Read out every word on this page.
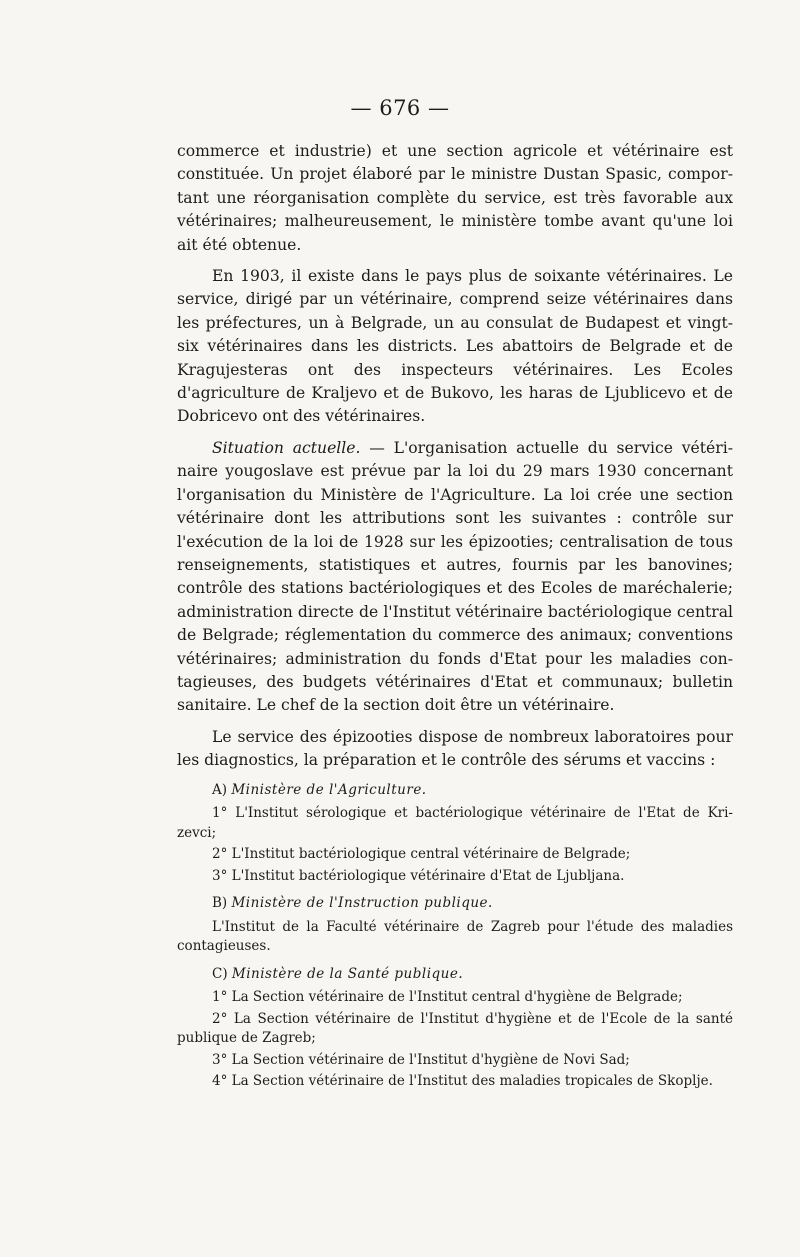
— 676 —

commerce et industrie) et une section agricole et vétérinaire est constituée. Un projet élaboré par le ministre Dustan Spasic, compor-tant une réorganisation complète du service, est très favorable aux vétérinaires; malheureusement, le ministère tombe avant qu'une loi ait été obtenue.

En 1903, il existe dans le pays plus de soixante vétérinaires. Le service, dirigé par un vétérinaire, comprend seize vétérinaires dans les préfectures, un à Belgrade, un au consulat de Budapest et vingt-six vétérinaires dans les districts. Les abattoirs de Belgrade et de Kragujesteras ont des inspecteurs vétérinaires. Les Ecoles d'agriculture de Kraljevo et de Bukovo, les haras de Ljublicevo et de Dobricevo ont des vétérinaires.

Situation actuelle. — L'organisation actuelle du service vétéri-naire yougoslave est prévue par la loi du 29 mars 1930 concernant l'organisation du Ministère de l'Agriculture. La loi crée une section vétérinaire dont les attributions sont les suivantes : contrôle sur l'exécution de la loi de 1928 sur les épizooties; centralisation de tous renseignements, statistiques et autres, fournis par les banovines; contrôle des stations bactériologiques et des Ecoles de maréchalerie; administration directe de l'Institut vétérinaire bactériologique central de Belgrade; réglementation du commerce des animaux; conventions vétérinaires; administration du fonds d'Etat pour les maladies con-tagieuses, des budgets vétérinaires d'Etat et communaux; bulletin sanitaire. Le chef de la section doit être un vétérinaire.

Le service des épizooties dispose de nombreux laboratoires pour les diagnostics, la préparation et le contrôle des sérums et vaccins :

A) Ministère de l'Agriculture.

1° L'Institut sérologique et bactériologique vétérinaire de l'Etat de Kri-zevci;

2° L'Institut bactériologique central vétérinaire de Belgrade;

3° L'Institut bactériologique vétérinaire d'Etat de Ljubljana.

B) Ministère de l'Instruction publique.

L'Institut de la Faculté vétérinaire de Zagreb pour l'étude des maladies contagieuses.

C) Ministère de la Santé publique.

1° La Section vétérinaire de l'Institut central d'hygiène de Belgrade;

2° La Section vétérinaire de l'Institut d'hygiène et de l'Ecole de la santé publique de Zagreb;

3° La Section vétérinaire de l'Institut d'hygiène de Novi Sad;

4° La Section vétérinaire de l'Institut des maladies tropicales de Skoplje.
